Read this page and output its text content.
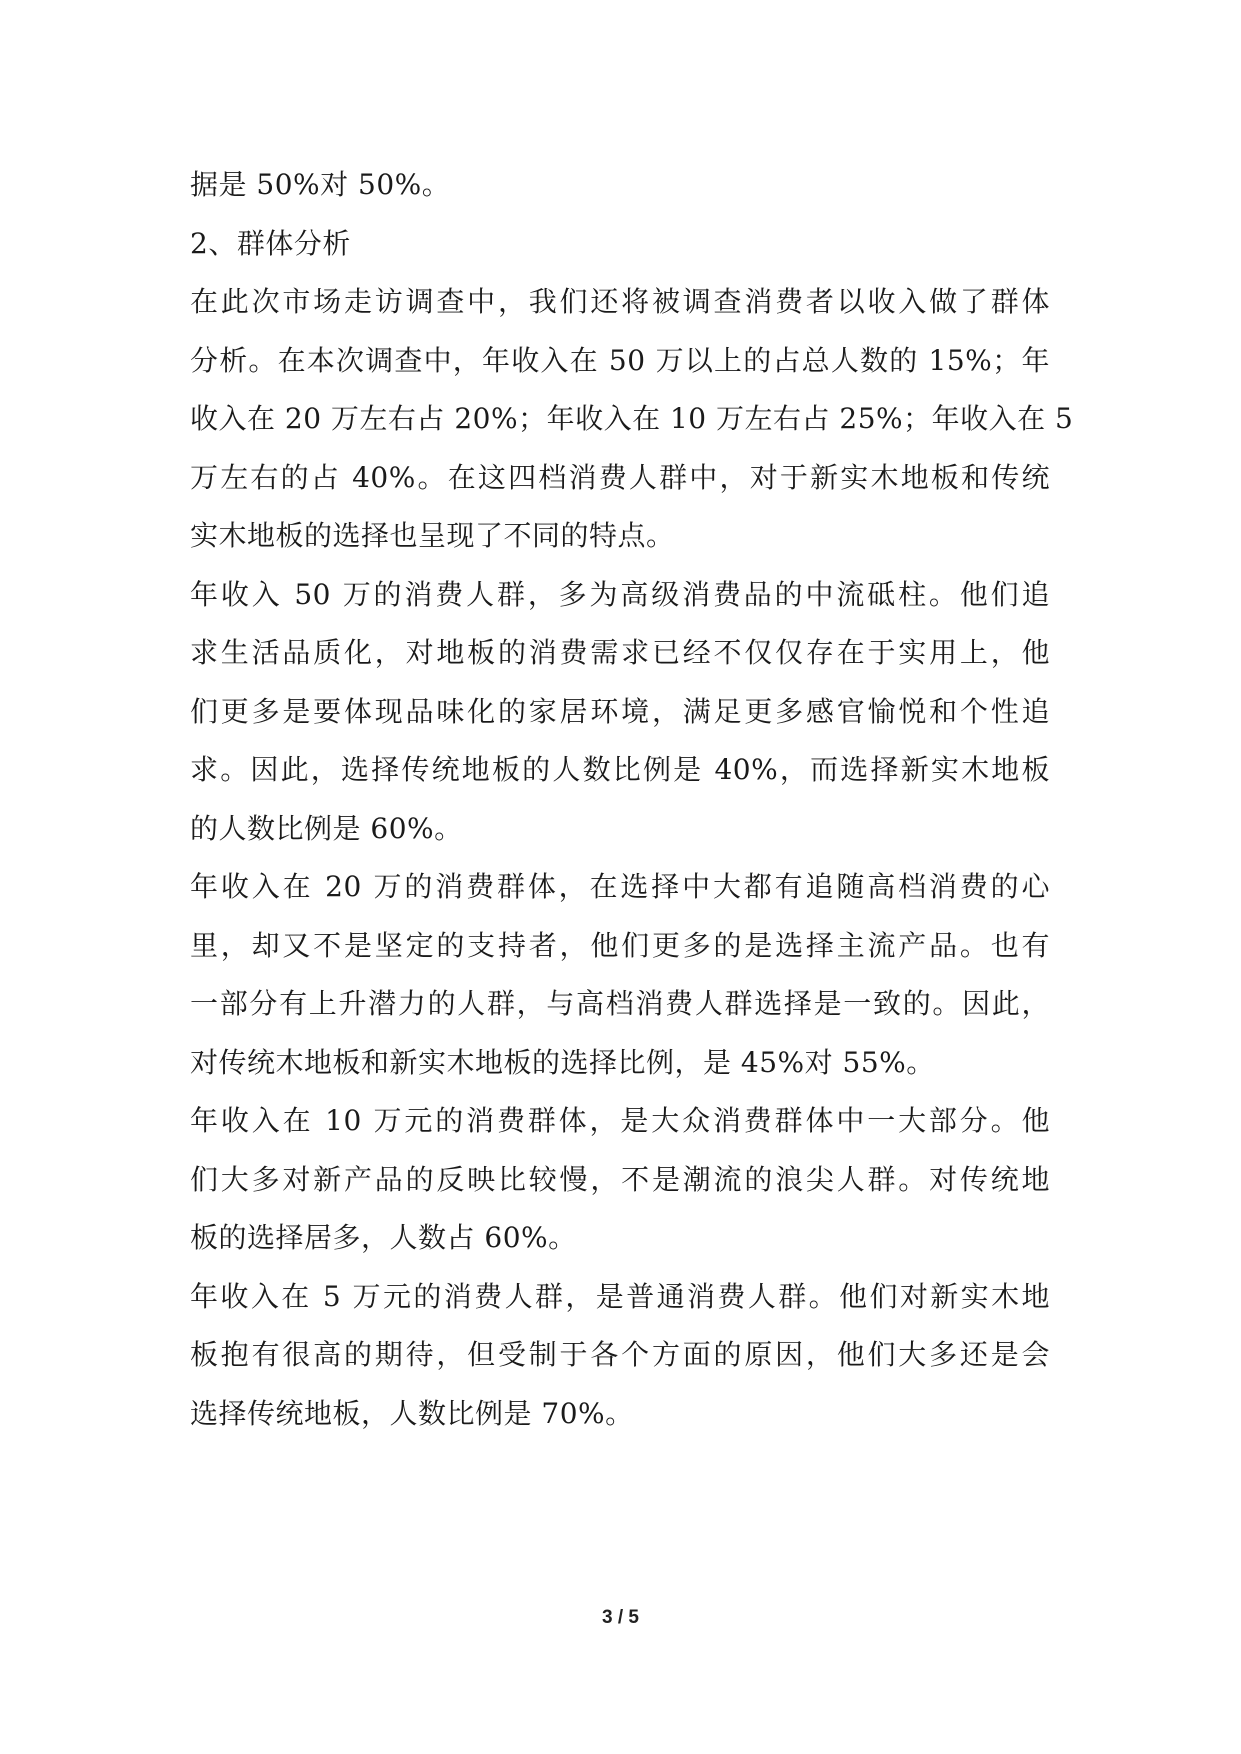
据是 50%对 50%。
2、群体分析
在此次市场走访调查中，我们还将被调查消费者以收入做了群体
分析。在本次调查中，年收入在 50 万以上的占总人数的 15%；年
收入在 20 万左右占 20%；年收入在 10 万左右占 25%；年收入在 5
万左右的占 40%。在这四档消费人群中，对于新实木地板和传统
实木地板的选择也呈现了不同的特点。
年收入 50 万的消费人群，多为高级消费品的中流砥柱。他们追
求生活品质化，对地板的消费需求已经不仅仅存在于实用上，他
们更多是要体现品味化的家居环境，满足更多感官愉悦和个性追
求。因此，选择传统地板的人数比例是 40%，而选择新实木地板
的人数比例是 60%。
年收入在 20 万的消费群体，在选择中大都有追随高档消费的心
里，却又不是坚定的支持者，他们更多的是选择主流产品。也有
一部分有上升潜力的人群，与高档消费人群选择是一致的。因此，
对传统木地板和新实木地板的选择比例，是 45%对 55%。
年收入在 10 万元的消费群体，是大众消费群体中一大部分。他
们大多对新产品的反映比较慢，不是潮流的浪尖人群。对传统地
板的选择居多，人数占 60%。
年收入在 5 万元的消费人群，是普通消费人群。他们对新实木地
板抱有很高的期待，但受制于各个方面的原因，他们大多还是会
选择传统地板，人数比例是 70%。
3 / 5
